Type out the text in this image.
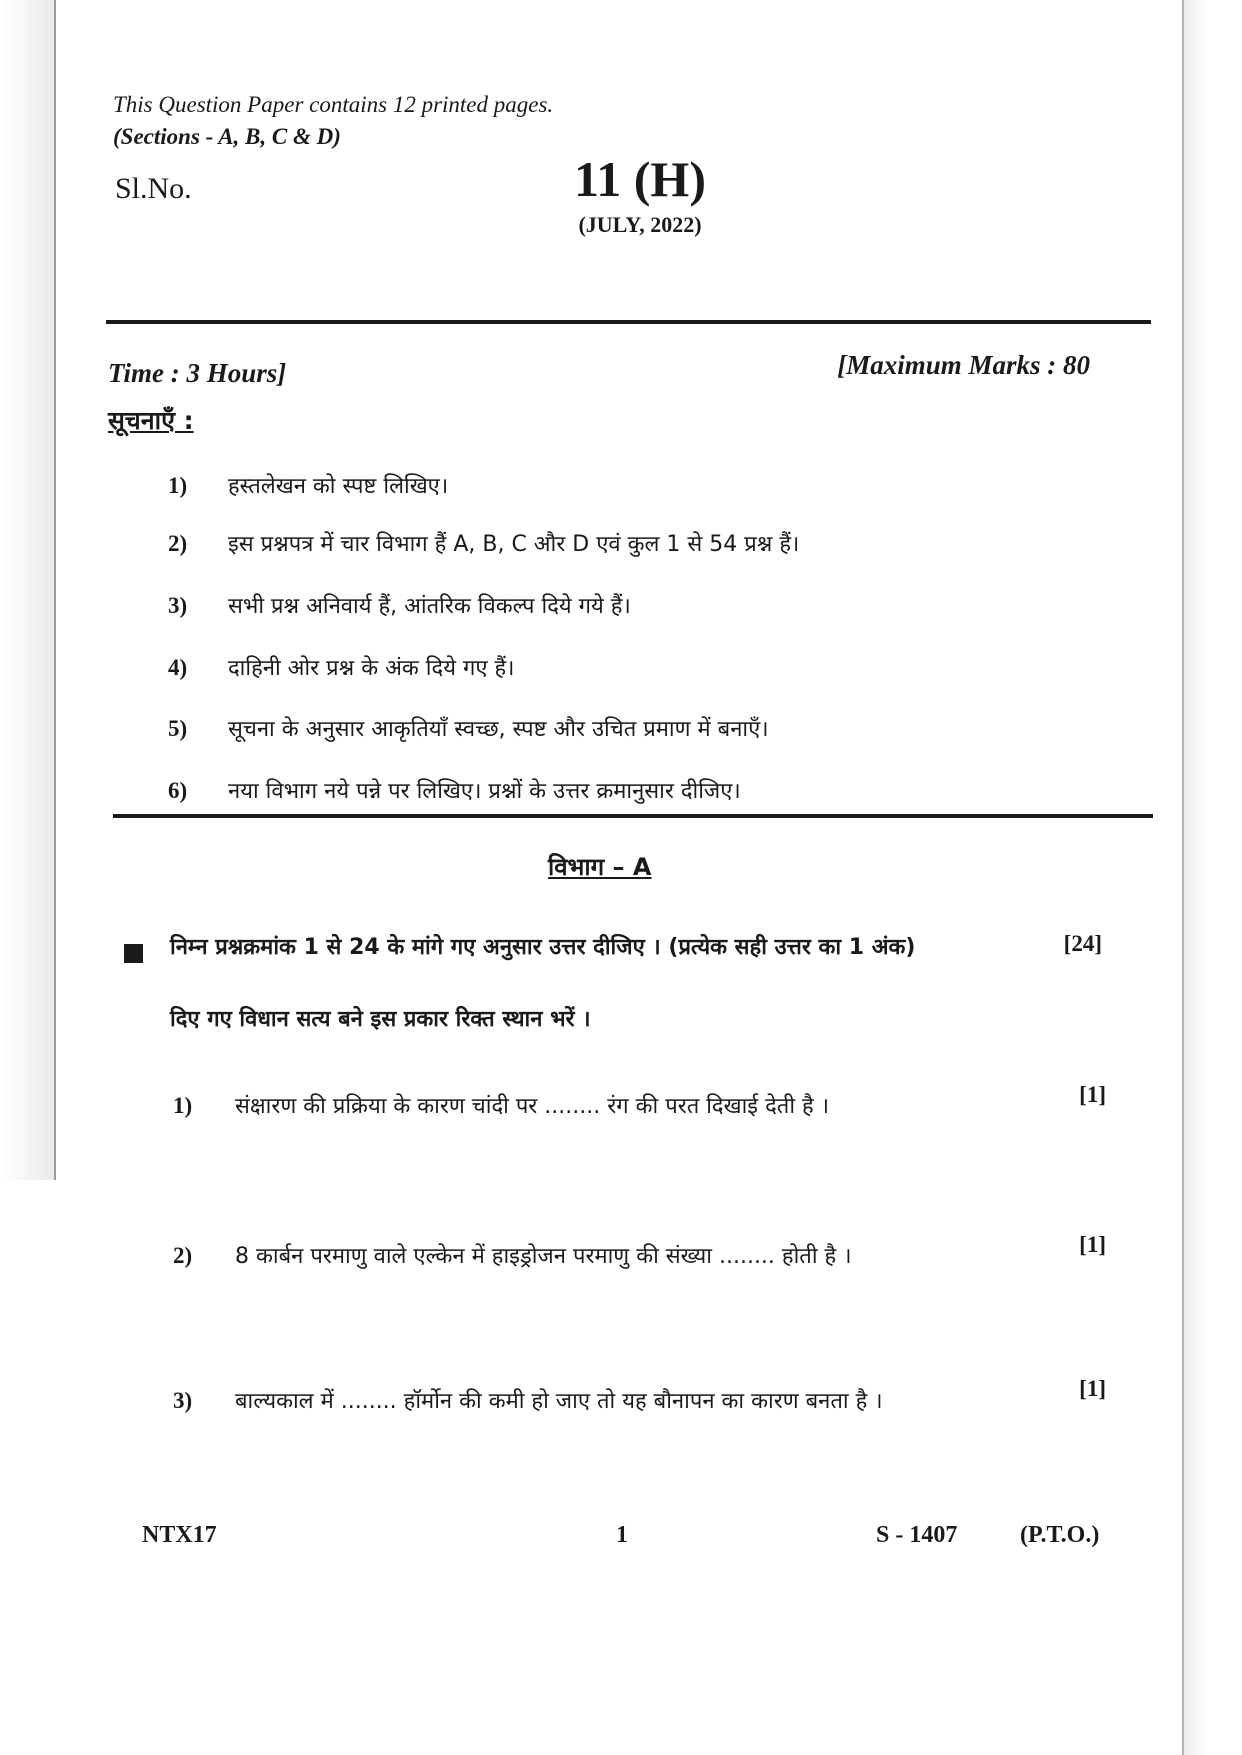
This Question Paper contains 12 printed pages.
(Sections - A, B, C & D)
Sl.No.	11 (H)
(JULY, 2022)
Time : 3 Hours]	[Maximum Marks : 80
सूचनाएँ :
1)	हस्तलेखन को स्पष्ट लिखिए।
2)	इस प्रश्नपत्र में चार विभाग हैं A, B, C और D एवं कुल 1 से 54 प्रश्न हैं।
3)	सभी प्रश्न अनिवार्य हैं, आंतरिक विकल्प दिये गये हैं।
4)	दाहिनी ओर प्रश्न के अंक दिये गए हैं।
5)	सूचना के अनुसार आकृतियाँ स्वच्छ, स्पष्ट और उचित प्रमाण में बनाएँ।
6)	नया विभाग नये पन्ने पर लिखिए। प्रश्नों के उत्तर क्रमानुसार दीजिए।
विभाग – A
निम्न प्रश्नक्रमांक 1 से 24 के मांगे गए अनुसार उत्तर दीजिए । (प्रत्येक सही उत्तर का 1 अंक)	[24]
दिए गए विधान सत्य बने इस प्रकार रिक्त स्थान भरें ।
1)	संक्षारण की प्रक्रिया के कारण चांदी पर ........ रंग की परत दिखाई देती है ।	[1]
2)	8 कार्बन परमाणु वाले एल्केन में हाइड्रोजन परमाणु की संख्या ........ होती है ।	[1]
3)	बाल्यकाल में ........ हॉर्मोन की कमी हो जाए तो यह बौनापन का कारण बनता है ।
[1]
NTX17	1	S - 1407	(P.T.O.)
